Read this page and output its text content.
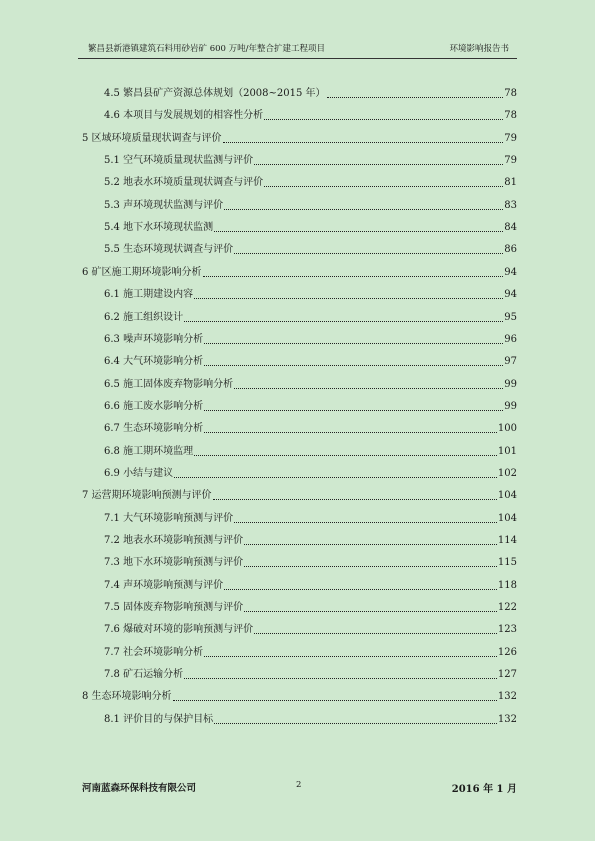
繁昌县新港镇建筑石料用砂岩矿 600 万吨/年整合扩建工程项目	环境影响报告书
4.5 繁昌县矿产资源总体规划（2008~2015 年）	78
4.6 本项目与发展规划的相容性分析	78
5 区域环境质量现状调查与评价	79
5.1 空气环境质量现状监测与评价	79
5.2 地表水环境质量现状调查与评价	81
5.3 声环境现状监测与评价	83
5.4 地下水环境现状监测	84
5.5 生态环境现状调查与评价	86
6 矿区施工期环境影响分析	94
6.1 施工期建设内容	94
6.2 施工组织设计	95
6.3 噪声环境影响分析	96
6.4 大气环境影响分析	97
6.5 施工固体废弃物影响分析	99
6.6 施工废水影响分析	99
6.7 生态环境影响分析	100
6.8 施工期环境监理	101
6.9 小结与建议	102
7 运营期环境影响预测与评价	104
7.1 大气环境影响预测与评价	104
7.2 地表水环境影响预测与评价	114
7.3 地下水环境影响预测与评价	115
7.4 声环境影响预测与评价	118
7.5 固体废弃物影响预测与评价	122
7.6 爆破对环境的影响预测与评价	123
7.7 社会环境影响分析	126
7.8 矿石运输分析	127
8 生态环境影响分析	132
8.1 评价目的与保护目标	132
河南蓝森环保科技有限公司	2	2016 年 1 月
